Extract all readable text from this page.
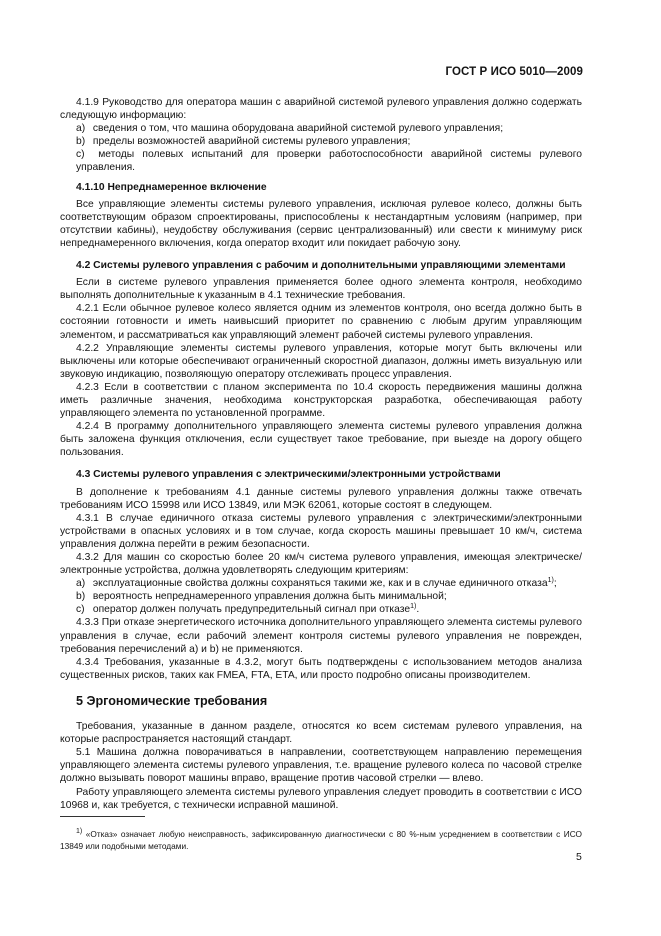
ГОСТ Р ИСО 5010—2009

4.1.9 Руководство для оператора машин с аварийной системой рулевого управления должно содержать следующую информацию:

а) сведения о том, что машина оборудована аварийной системой рулевого управления;

b) пределы возможностей аварийной системы рулевого управления;

с) методы полевых испытаний для проверки работоспособности аварийной системы рулевого управления.

4.1.10 Непреднамеренное включение

Все управляющие элементы системы рулевого управления, исключая рулевое колесо, должны быть соответствующим образом спроектированы, приспособлены к нестандартным условиям (например, при отсутствии кабины), неудобству обслуживания (сервис централизованный) или свести к минимуму риск непреднамеренного включения, когда оператор входит или покидает рабочую зону.

4.2 Системы рулевого управления с рабочим и дополнительными управляющими элементами

Если в системе рулевого управления применяется более одного элемента контроля, необходимо выполнять дополнительные к указанным в 4.1 технические требования.

4.2.1 Если обычное рулевое колесо является одним из элементов контроля, оно всегда должно быть в состоянии готовности и иметь наивысший приоритет по сравнению с любым другим управляющим элементом, и рассматриваться как управляющий элемент рабочей системы рулевого управления.

4.2.2 Управляющие элементы системы рулевого управления, которые могут быть включены или выключены или которые обеспечивают ограниченный скоростной диапазон, должны иметь визуальную или звуковую индикацию, позволяющую оператору отслеживать процесс управления.

4.2.3 Если в соответствии с планом эксперимента по 10.4 скорость передвижения машины должна иметь различные значения, необходима конструкторская разработка, обеспечивающая работу управляющего элемента по установленной программе.

4.2.4 В программу дополнительного управляющего элемента системы рулевого управления должна быть заложена функция отключения, если существует такое требование, при выезде на дорогу общего пользования.

4.3 Системы рулевого управления с электрическими/электронными устройствами

В дополнение к требованиям 4.1 данные системы рулевого управления должны также отвечать требованиям ИСО 15998 или ИСО 13849, или МЭК 62061, которые состоят в следующем.

4.3.1 В случае единичного отказа системы рулевого управления с электрическими/электронными устройствами в опасных условиях и в том случае, когда скорость машины превышает 10 км/ч, система управления должна перейти в режим безопасности.

4.3.2 Для машин со скоростью более 20 км/ч система рулевого управления, имеющая электрическе/электронные устройства, должна удовлетворять следующим критериям:

а) эксплуатационные свойства должны сохраняться такими же, как и в случае единичного отказа$^{1)}$;

b) вероятность непреднамеренного управления должна быть минимальной;

с) оператор должен получать предупредительный сигнал при отказе$^{1)}$.

4.3.3 При отказе энергетического источника дополнительного управляющего элемента системы рулевого управления в случае, если рабочий элемент контроля системы рулевого управления не поврежден, требования перечислений а) и b) не применяются.

4.3.4 Требования, указанные в 4.3.2, могут быть подтверждены с использованием методов анализа существенных рисков, таких как FMEA, FTA, ETA, или просто подробно описаны производителем.

5 Эргономические требования

Требования, указанные в данном разделе, относятся ко всем системам рулевого управления, на которые распространяется настоящий стандарт.

5.1 Машина должна поворачиваться в направлении, соответствующем направлению перемещения управляющего элемента системы рулевого управления, т.е. вращение рулевого колеса по часовой стрелке должно вызывать поворот машины вправо, вращение против часовой стрелки — влево.

Работу управляющего элемента системы рулевого управления следует проводить в соответствии с ИСО 10968 и, как требуется, с технически исправной машиной.

$^{1)}$ «Отказ» означает любую неисправность, зафиксированную диагностически с 80 %-ным усреднением в соответствии с ИСО 13849 или подобными методами.

5
